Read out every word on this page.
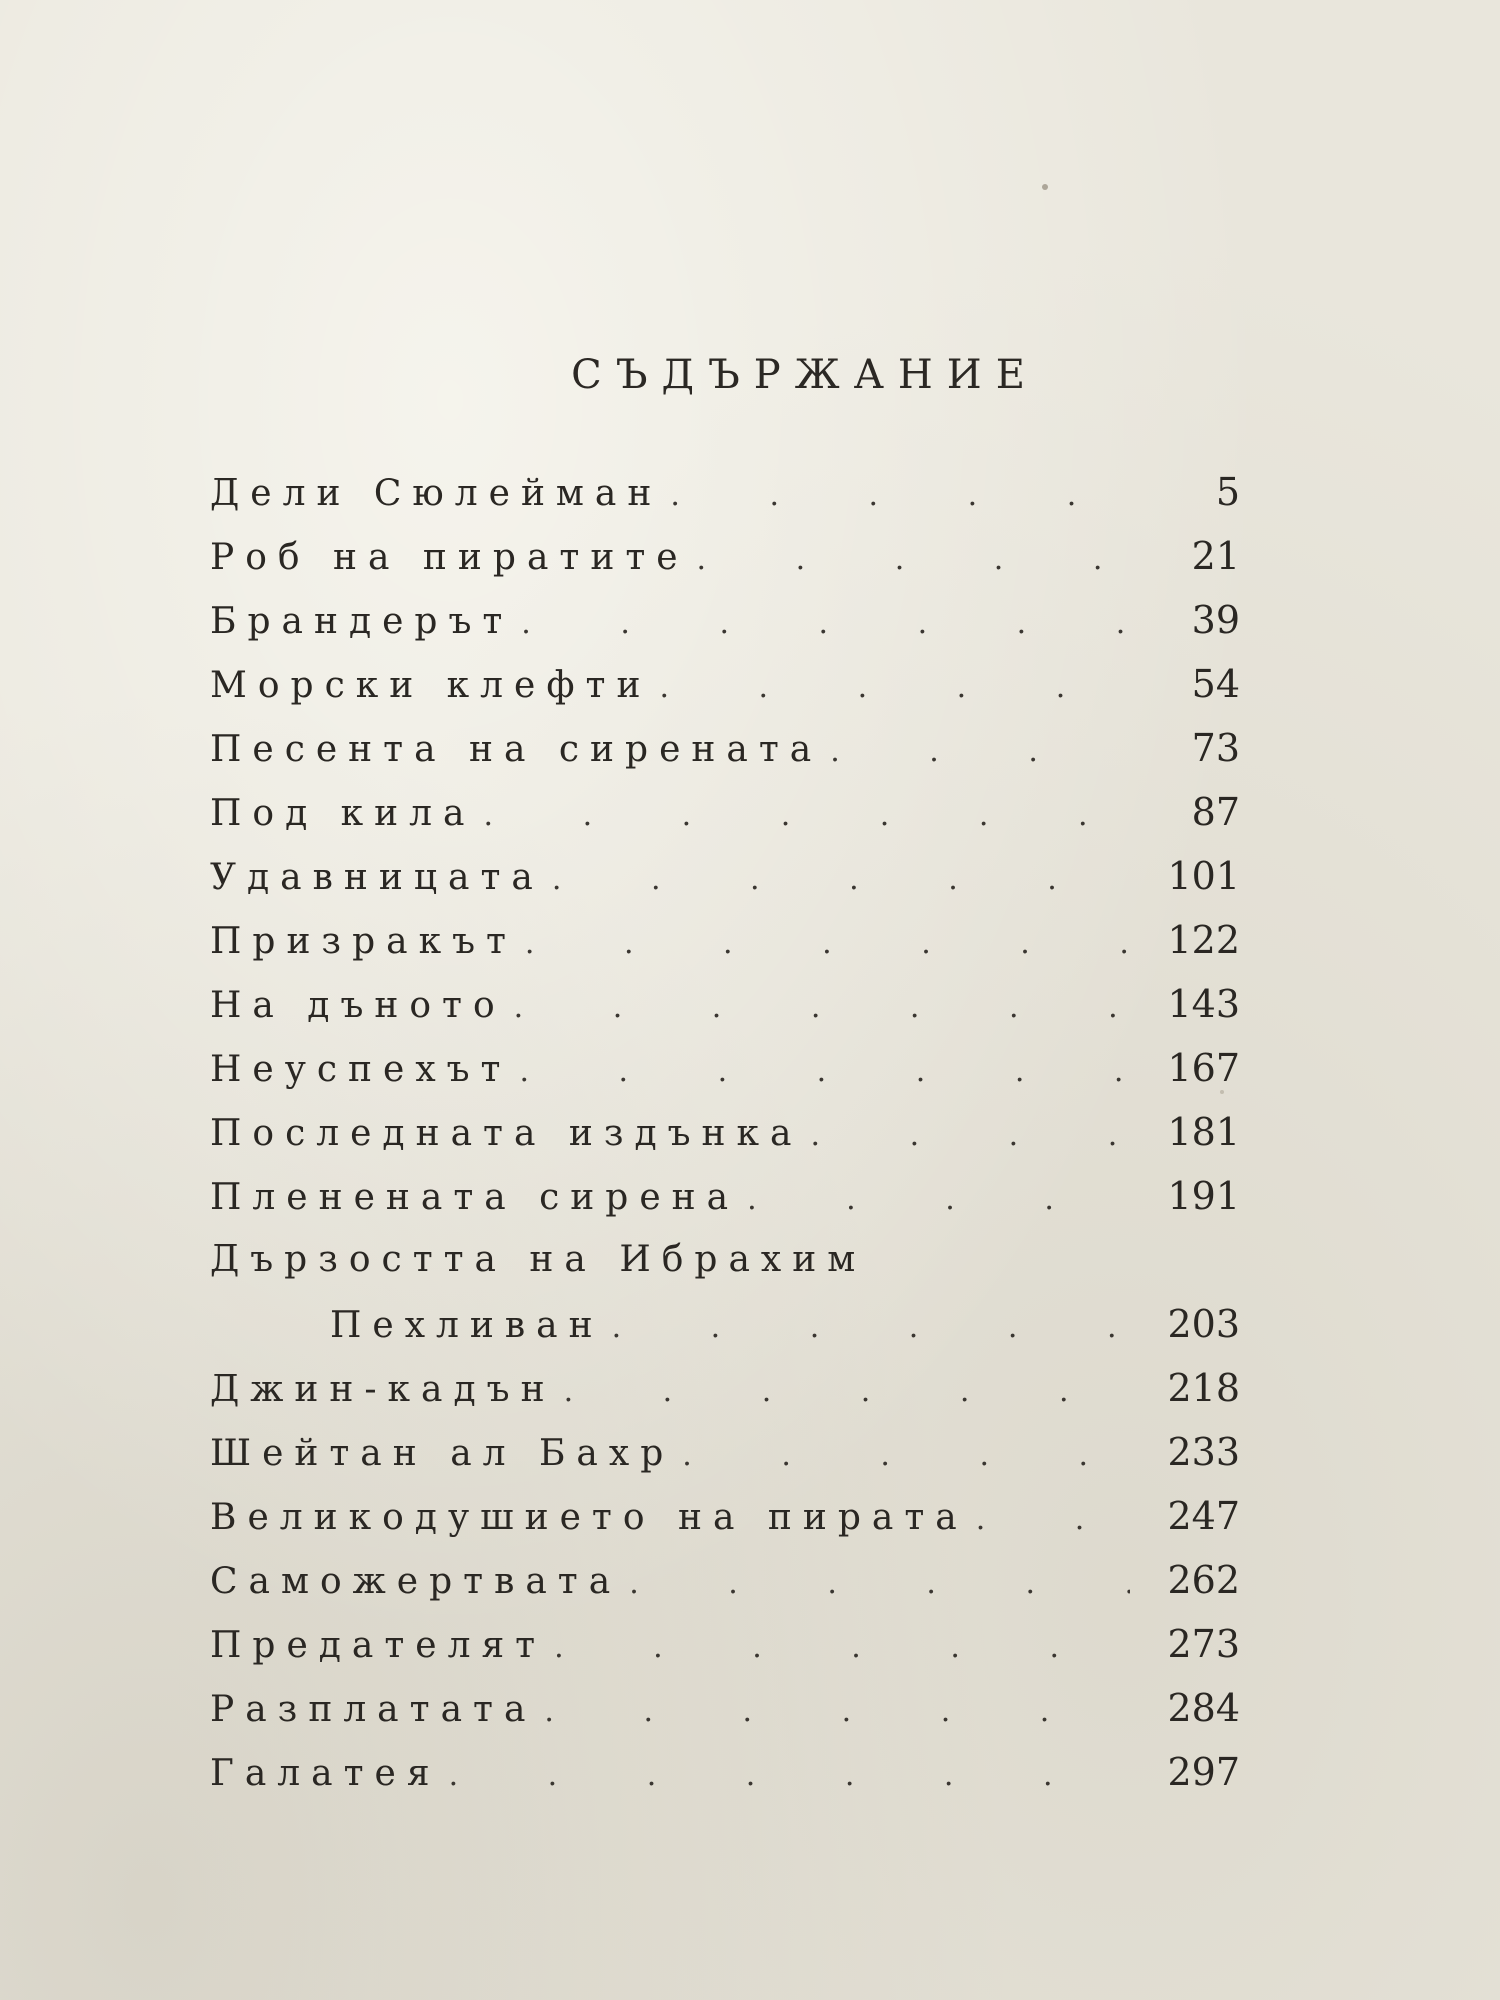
СЪДЪРЖАНИЕ
Дели Сюлейман . . .	5
Роб на пиратите . . .	21
Брандерът . . .	39
Морски клефти . . .	54
Песента на сирената . . .	73
Под кила . . .	87
Удавницата . . .	101
Призракът . . .	122
На дъното . . .	143
Неуспехът . . .	167
Последната издънка . . .	181
Пленената сирена . . .	191
Дързостта на Ибрахим
Пехливан . . .	203
Джин-кадън . . .	218
Шейтан ал Бахр . . .	233
Великодушието на пирата . . .	247
Саможертвата . . .	262
Предателят . . .	273
Разплатата . . .	284
Галатея . . .	297
